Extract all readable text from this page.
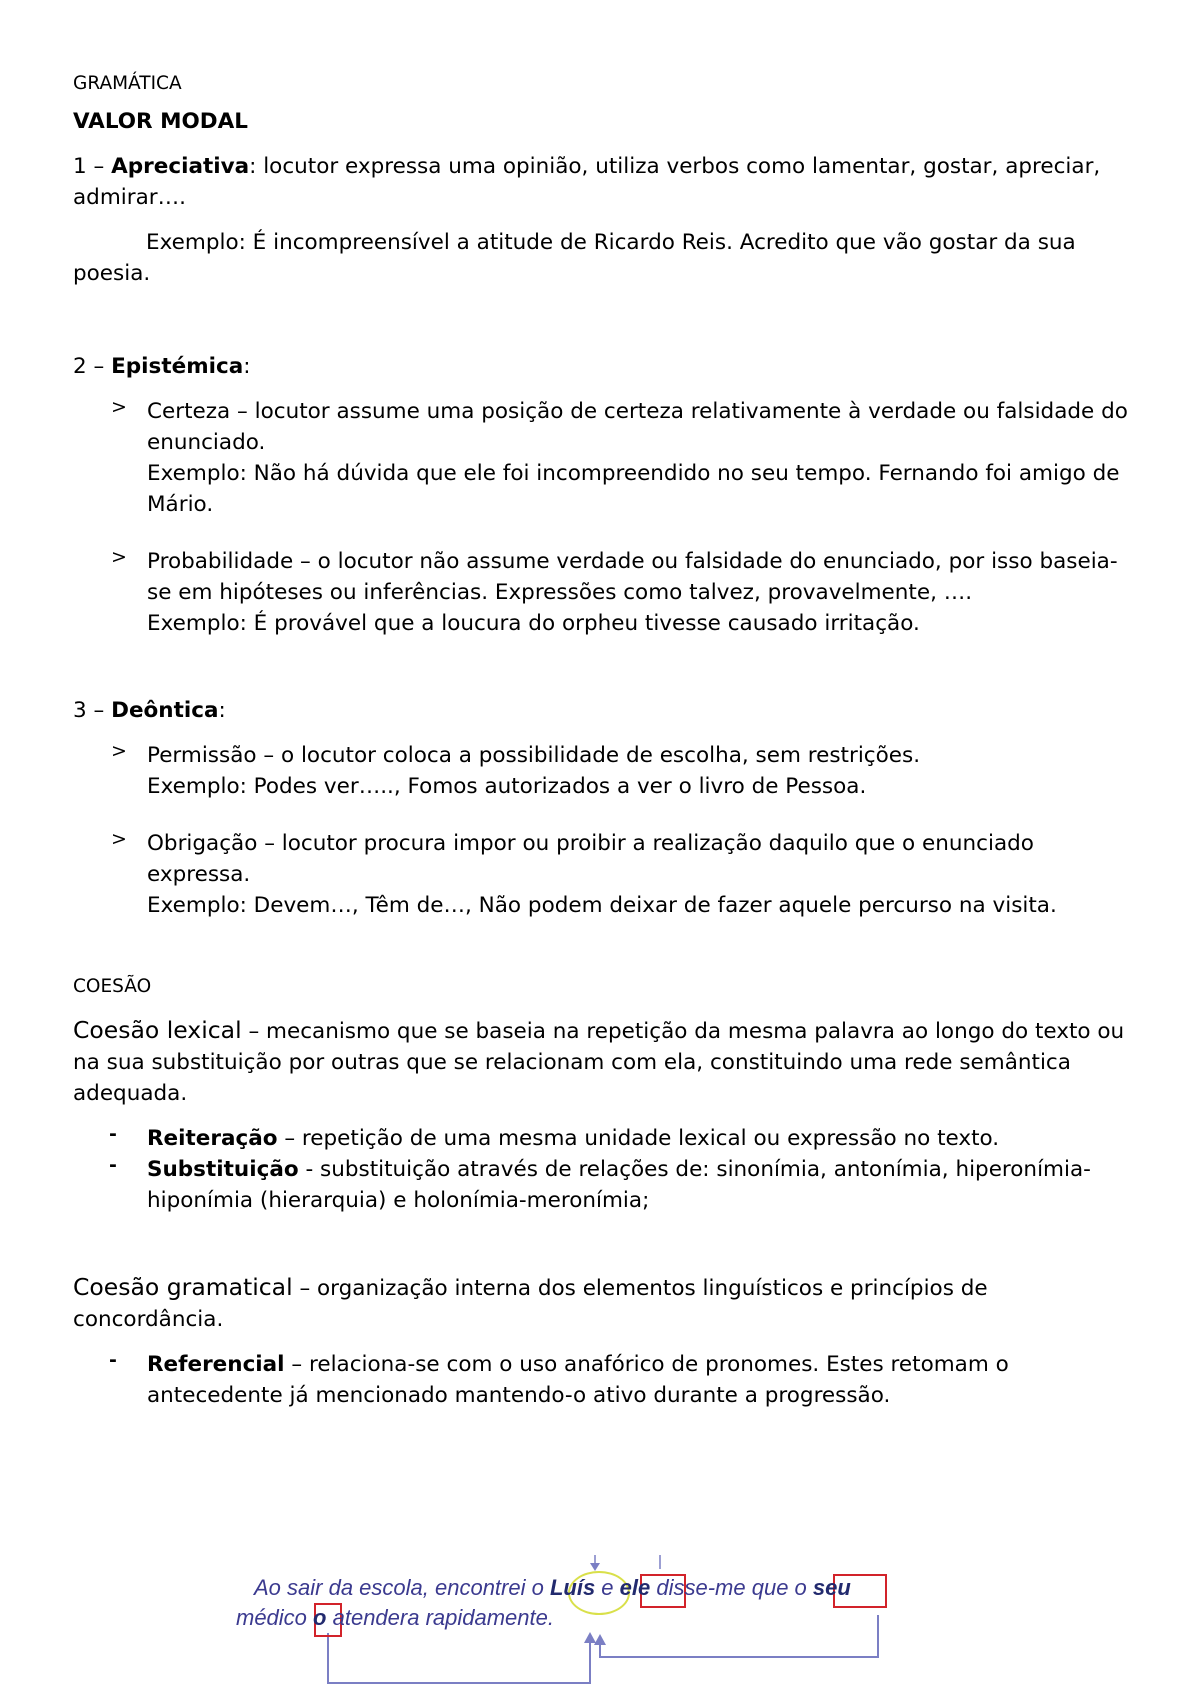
GRAMÁTICA

VALOR MODAL

1 – Apreciativa: locutor expressa uma opinião, utiliza verbos como lamentar, gostar, apreciar, admirar….

Exemplo: É incompreensível a atitude de Ricardo Reis. Acredito que vão gostar da sua poesia.

2 – Epistémica:

> Certeza – locutor assume uma posição de certeza relativamente à verdade ou falsidade do enunciado.

Exemplo: Não há dúvida que ele foi incompreendido no seu tempo. Fernando foi amigo de Mário.

> Probabilidade – o locutor não assume verdade ou falsidade do enunciado, por isso baseia-se em hipóteses ou inferências. Expressões como talvez, provavelmente, ….

Exemplo: É provável que a loucura do orpheu tivesse causado irritação.

3 – Deôntica:

> Permissão – o locutor coloca a possibilidade de escolha, sem restrições.

Exemplo: Podes ver….., Fomos autorizados a ver o livro de Pessoa.

> Obrigação – locutor procura impor ou proibir a realização daquilo que o enunciado expressa.

Exemplo: Devem…, Têm de…, Não podem deixar de fazer aquele percurso na visita.

COESÃO

Coesão lexical – mecanismo que se baseia na repetição da mesma palavra ao longo do texto ou na sua substituição por outras que se relacionam com ela, constituindo uma rede semântica adequada.

- Reiteração – repetição de uma mesma unidade lexical ou expressão no texto.

- Substituição - substituição através de relações de: sinonímia, antonímia, hiperonímia-hiponímia (hierarquia) e holonímia-meronímia;

Coesão gramatical – organização interna dos elementos linguísticos e princípios de concordância.

- Referencial – relaciona-se com o uso anafórico de pronomes. Estes retomam o antecedente já mencionado mantendo-o ativo durante a progressão.

Ao sair da escola, encontrei o Luís e ele disse-me que o seu
médico o atendera rapidamente.
